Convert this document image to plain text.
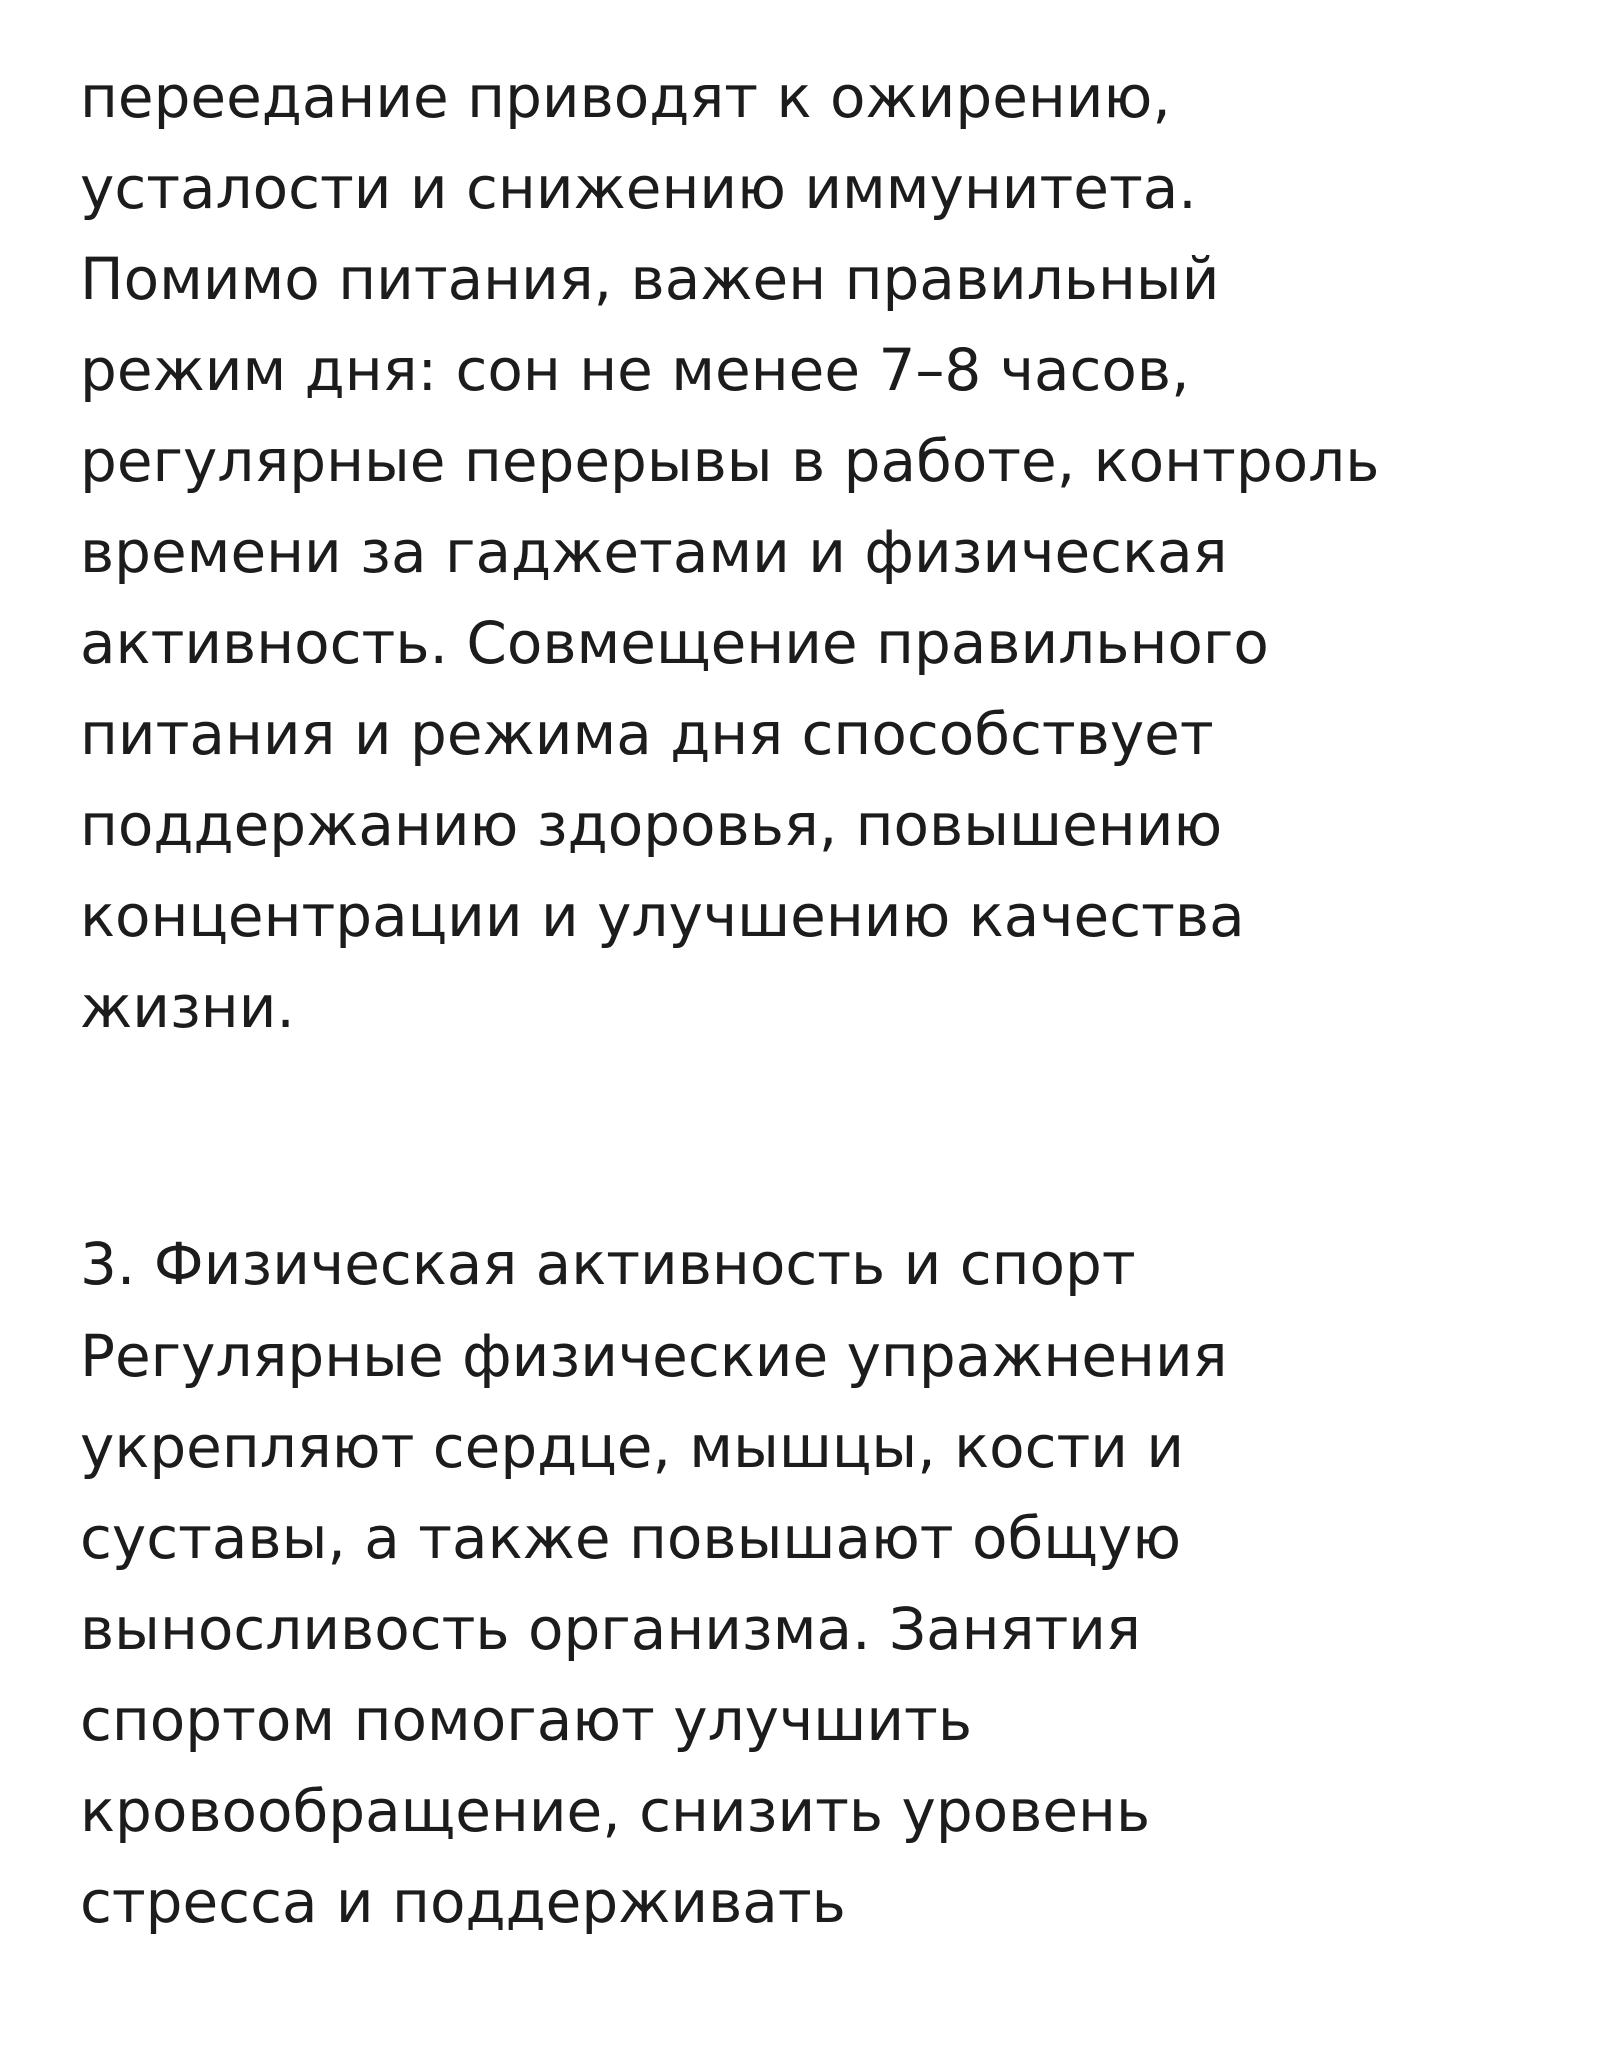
переедание приводят к ожирению,
усталости и снижению иммунитета.
Помимо питания, важен правильный
режим дня: сон не менее 7–8 часов,
регулярные перерывы в работе, контроль
времени за гаджетами и физическая
активность. Совмещение правильного
питания и режима дня способствует
поддержанию здоровья, повышению
концентрации и улучшению качества
жизни.
3. Физическая активность и спорт
Регулярные физические упражнения
укрепляют сердце, мышцы, кости и
суставы, а также повышают общую
выносливость организма. Занятия
спортом помогают улучшить
кровообращение, снизить уровень
стресса и поддерживать
